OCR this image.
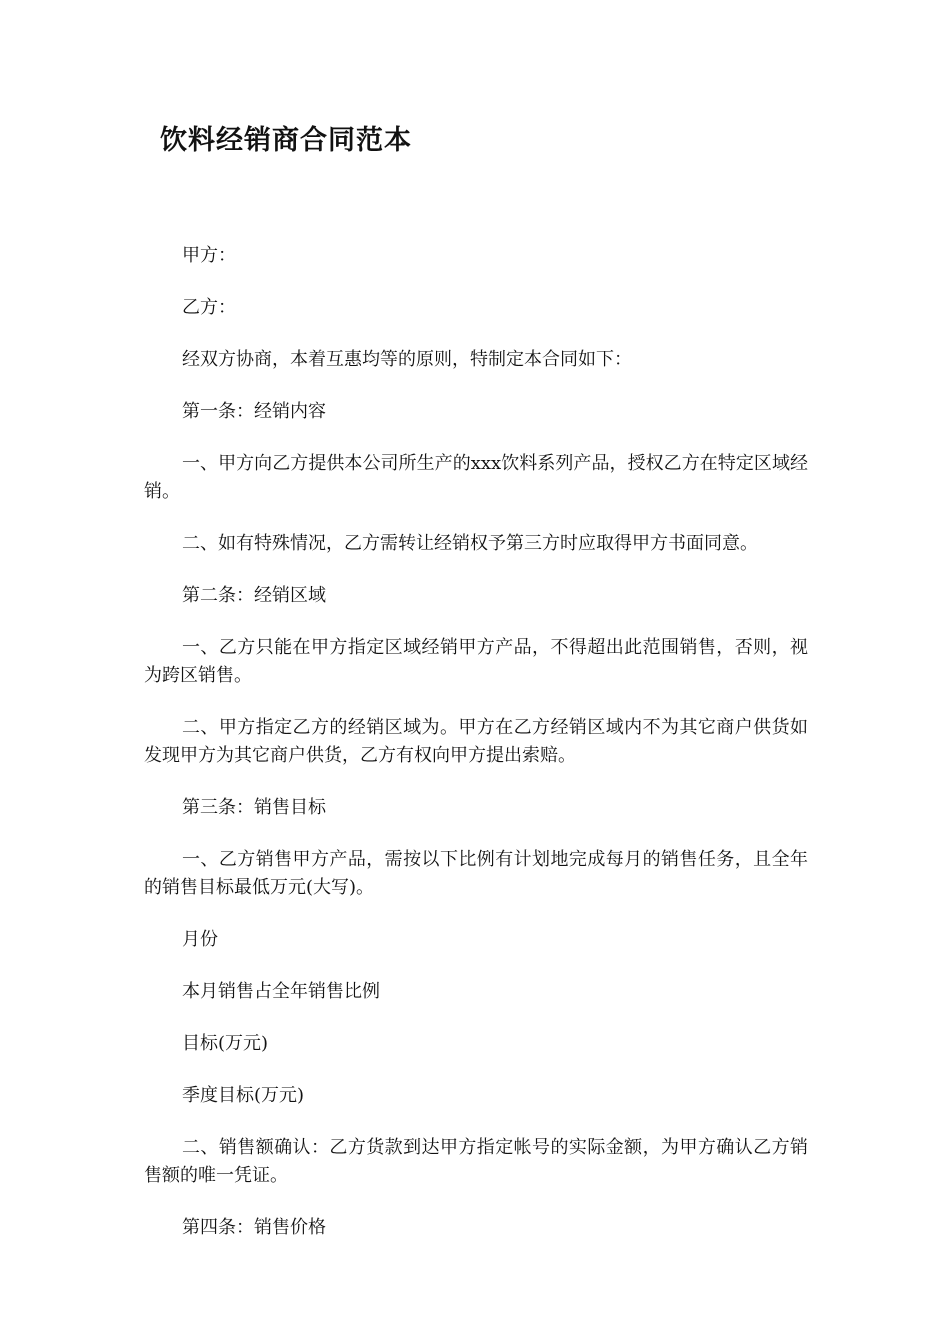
饮料经销商合同范本

甲方：

乙方：

经双方协商，本着互惠均等的原则，特制定本合同如下：

第一条：经销内容

一、甲方向乙方提供本公司所生产的xxx饮料系列产品，授权乙方在特定区域经销。

二、如有特殊情况，乙方需转让经销权予第三方时应取得甲方书面同意。

第二条：经销区域

一、乙方只能在甲方指定区域经销甲方产品，不得超出此范围销售，否则，视为跨区销售。

二、甲方指定乙方的经销区域为。甲方在乙方经销区域内不为其它商户供货如发现甲方为其它商户供货，乙方有权向甲方提出索赔。

第三条：销售目标

一、乙方销售甲方产品，需按以下比例有计划地完成每月的销售任务，且全年的销售目标最低万元(大写)。

月份

本月销售占全年销售比例

目标(万元)

季度目标(万元)

二、销售额确认：乙方货款到达甲方指定帐号的实际金额，为甲方确认乙方销售额的唯一凭证。

第四条：销售价格
